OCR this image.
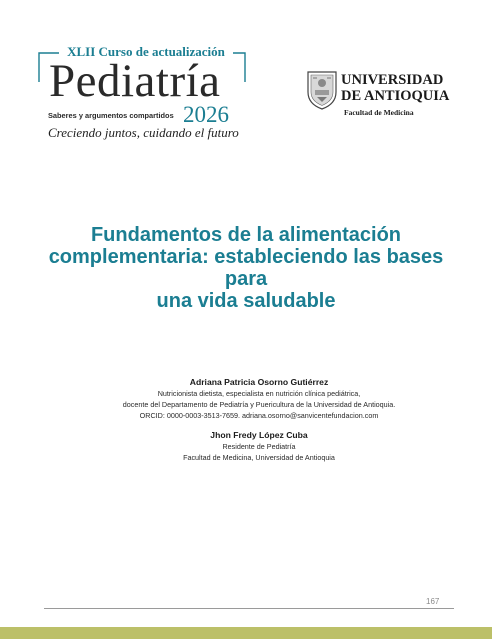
XLII Curso de actualización
Pediatría
Saberes y argumentos compartidos 2026
Creciendo juntos, cuidando el futuro
UNIVERSIDAD
DE ANTIOQUIA
Facultad de Medicina
Fundamentos de la alimentación
complementaria: estableciendo las bases para
una vida saludable
Adriana Patricia Osorno Gutiérrez
Nutricionista dietista, especialista en nutrición clínica pediátrica,
docente del Departamento de Pediatría y Puericultura de la Universidad de Antioquia.
ORCID: 0000-0003-3513-7659. adriana.osorno@sanvicentefundacion.com
Jhon Fredy López Cuba
Residente de Pediatría
Facultad de Medicina, Universidad de Antioquia
167
